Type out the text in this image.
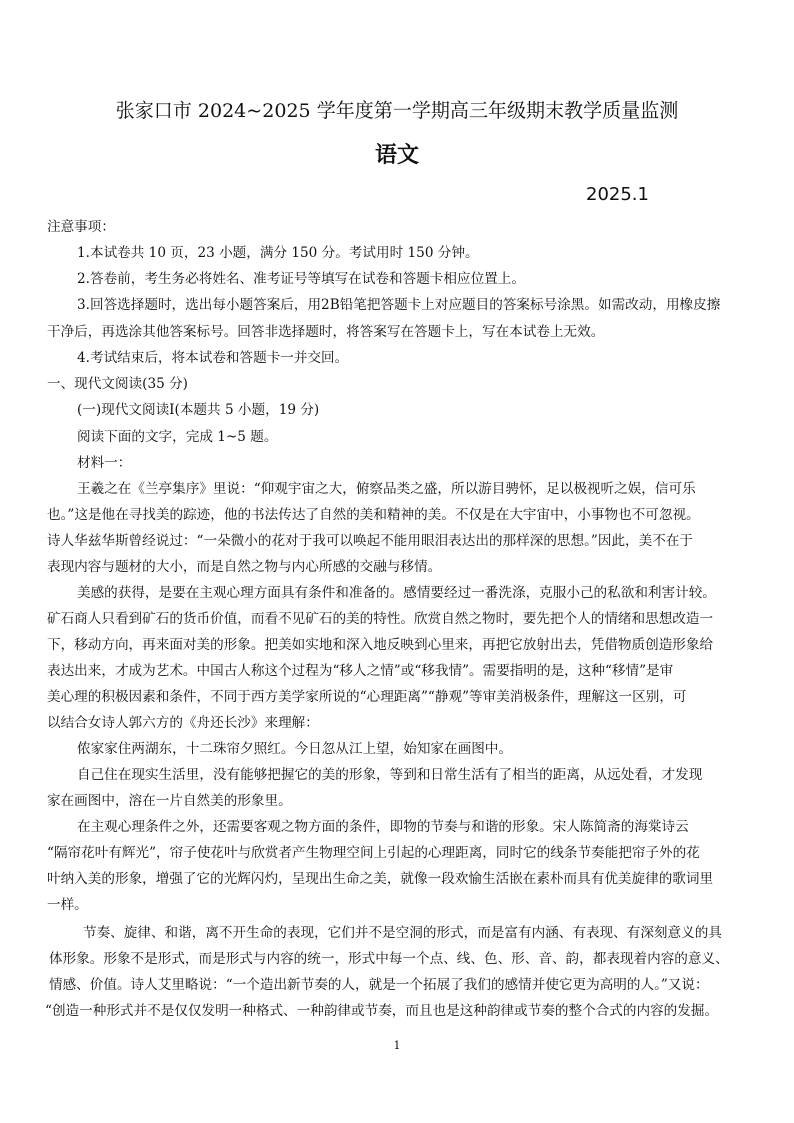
张家口市 2024~2025 学年度第一学期高三年级期末教学质量监测
语文
2025.1
注意事项：
1.本试卷共 10 页，23 小题，满分 150 分。考试用时 150 分钟。
2.答卷前，考生务必将姓名、准考证号等填写在试卷和答题卡相应位置上。
3.回答选择题时，选出每小题答案后，用2B铅笔把答题卡上对应题目的答案标号涂黑。如需改动，用橡皮擦
干净后，再选涂其他答案标号。回答非选择题时，将答案写在答题卡上，写在本试卷上无效。
4.考试结束后，将本试卷和答题卡一并交回。
一、现代文阅读(35 分)
(一)现代文阅读Ⅰ(本题共 5 小题，19 分)
阅读下面的文字，完成 1~5 题。
材料一：
王羲之在《兰亭集序》里说：“仰观宇宙之大，俯察品类之盛，所以游目骋怀，足以极视听之娱，信可乐
也。”这是他在寻找美的踪迹，他的书法传达了自然的美和精神的美。不仅是在大宇宙中，小事物也不可忽视。
诗人华兹华斯曾经说过：“一朵微小的花对于我可以唤起不能用眼泪表达出的那样深的思想。”因此，美不在于
表现内容与题材的大小，而是自然之物与内心所感的交融与移情。
美感的获得，是要在主观心理方面具有条件和准备的。感情要经过一番洗涤，克服小己的私欲和利害计较。
矿石商人只看到矿石的货币价值，而看不见矿石的美的特性。欣赏自然之物时，要先把个人的情绪和思想改造一
下，移动方向，再来面对美的形象。把美如实地和深入地反映到心里来，再把它放射出去，凭借物质创造形象给
表达出来，才成为艺术。中国古人称这个过程为“移人之情”或“移我情”。需要指明的是，这种“移情”是审
美心理的积极因素和条件，不同于西方美学家所说的“心理距离”“静观”等审美消极条件，理解这一区别，可
以结合女诗人郭六方的《舟还长沙》来理解：
侬家家住两湖东，十二珠帘夕照红。今日忽从江上望，始知家在画图中。
自己住在现实生活里，没有能够把握它的美的形象，等到和日常生活有了相当的距离，从远处看，才发现
家在画图中，溶在一片自然美的形象里。
在主观心理条件之外，还需要客观之物方面的条件，即物的节奏与和谐的形象。宋人陈简斋的海棠诗云
“隔帘花叶有辉光”，帘子使花叶与欣赏者产生物理空间上引起的心理距离，同时它的线条节奏能把帘子外的花
叶纳入美的形象，增强了它的光辉闪灼，呈现出生命之美，就像一段欢愉生活嵌在素朴而具有优美旋律的歌词里
一样。
节奏、旋律、和谐，离不开生命的表现，它们并不是空洞的形式，而是富有内涵、有表现、有深刻意义的具
体形象。形象不是形式，而是形式与内容的统一，形式中每一个点、线、色、形、音、韵，都表现着内容的意义、
情感、价值。诗人艾里略说：“一个造出新节奏的人，就是一个拓展了我们的感情并使它更为高明的人。”又说：
“创造一种形式并不是仅仅发明一种格式、一种韵律或节奏，而且也是这种韵律或节奏的整个合式的内容的发掘。
1
